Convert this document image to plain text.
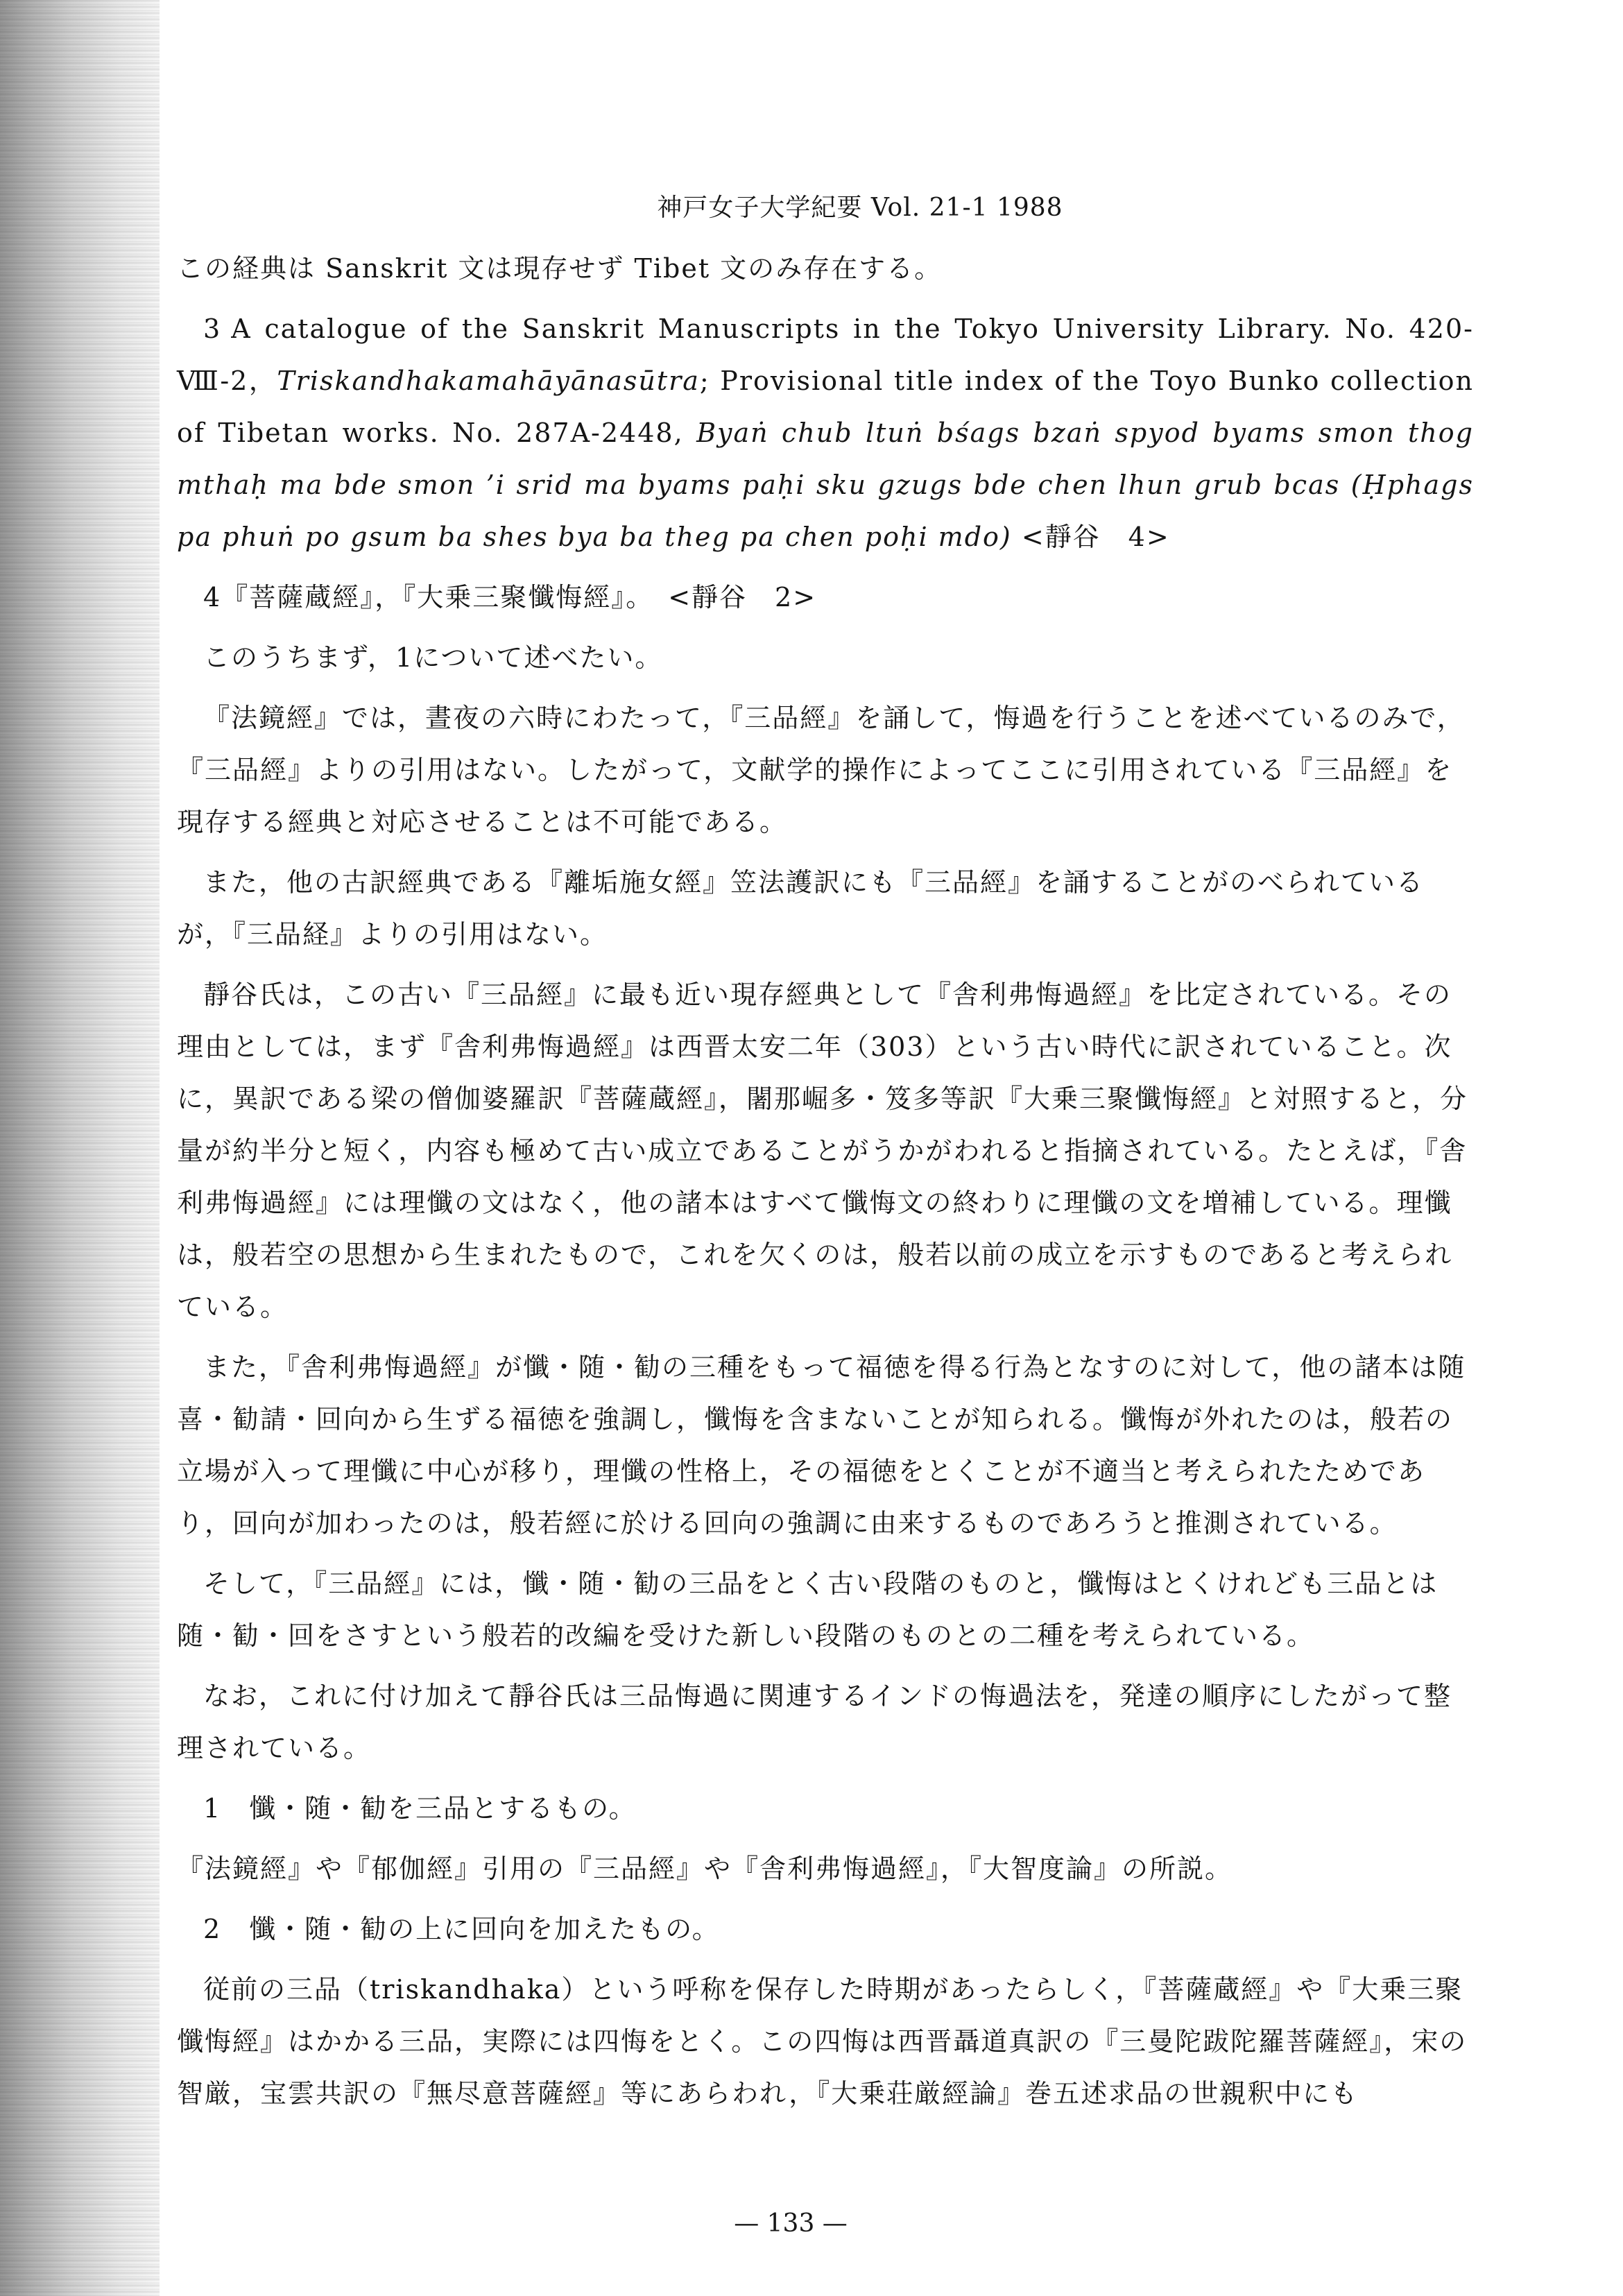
神戸女子大学紀要 Vol. 21-1 1988

この経典は Sanskrit 文は現存せず Tibet 文のみ存在する。

3 A catalogue of the Sanskrit Manuscripts in the Tokyo University Library. No. 420-Ⅷ-2，Triskandhakamahāyānasūtra; Provisional title index of the Toyo Bunko collection of Tibetan works. No. 287A-2448, Byaṅ chub ltuṅ bśags bzaṅ spyod byams smon thog mthaḥ ma bde smon ’i srid ma byams paḥi sku gzugs bde chen lhun grub bcas (Ḥphags pa phuṅ po gsum ba shes bya ba theg pa chen poḥi mdo) <靜谷　4>

4『菩薩蔵經』，『大乗三聚懺悔經』。　<靜谷　2>

このうちまず，1について述べたい。

『法鏡經』では，晝夜の六時にわたって，『三品經』を誦して，悔過を行うことを述べているのみで，『三品經』よりの引用はない。したがって，文献学的操作によってここに引用されている『三品經』を現存する經典と対応させることは不可能である。

また，他の古訳經典である『離垢施女經』笠法護訳にも『三品經』を誦することがのべられているが，『三品経』よりの引用はない。

靜谷氏は，この古い『三品經』に最も近い現存經典として『舎利弗悔過經』を比定されている。その理由としては，まず『舎利弗悔過經』は西晋太安二年（303）という古い時代に訳されていること。次に，異訳である梁の僧伽婆羅訳『菩薩蔵經』，闍那崛多・笈多等訳『大乗三聚懺悔經』と対照すると，分量が約半分と短く，内容も極めて古い成立であることがうかがわれると指摘されている。たとえば，『舎利弗悔過經』には理懺の文はなく，他の諸本はすべて懺悔文の終わりに理懺の文を増補している。理懺は，般若空の思想から生まれたもので，これを欠くのは，般若以前の成立を示すものであると考えられている。

また，『舎利弗悔過經』が懺・随・勧の三種をもって福徳を得る行為となすのに対して，他の諸本は随喜・勧請・回向から生ずる福徳を強調し，懺悔を含まないことが知られる。懺悔が外れたのは，般若の立場が入って理懺に中心が移り，理懺の性格上，その福徳をとくことが不適当と考えられたためであり，回向が加わったのは，般若經に於ける回向の強調に由来するものであろうと推測されている。

そして，『三品經』には，懺・随・勧の三品をとく古い段階のものと，懺悔はとくけれども三品とは随・勧・回をさすという般若的改編を受けた新しい段階のものとの二種を考えられている。

なお，これに付け加えて靜谷氏は三品悔過に関連するインドの悔過法を，発達の順序にしたがって整理されている。

1　懺・随・勧を三品とするもの。

『法鏡經』や『郁伽經』引用の『三品經』や『舎利弗悔過經』，『大智度論』の所説。

2　懺・随・勧の上に回向を加えたもの。

従前の三品（triskandhaka）という呼称を保存した時期があったらしく，『菩薩蔵經』や『大乗三聚懺悔經』はかかる三品，実際には四悔をとく。この四悔は西晋聶道真訳の『三曼陀跋陀羅菩薩經』，宋の智厳，宝雲共訳の『無尽意菩薩經』等にあらわれ，『大乗荘厳經論』巻五述求品の世親釈中にも

— 133 —
